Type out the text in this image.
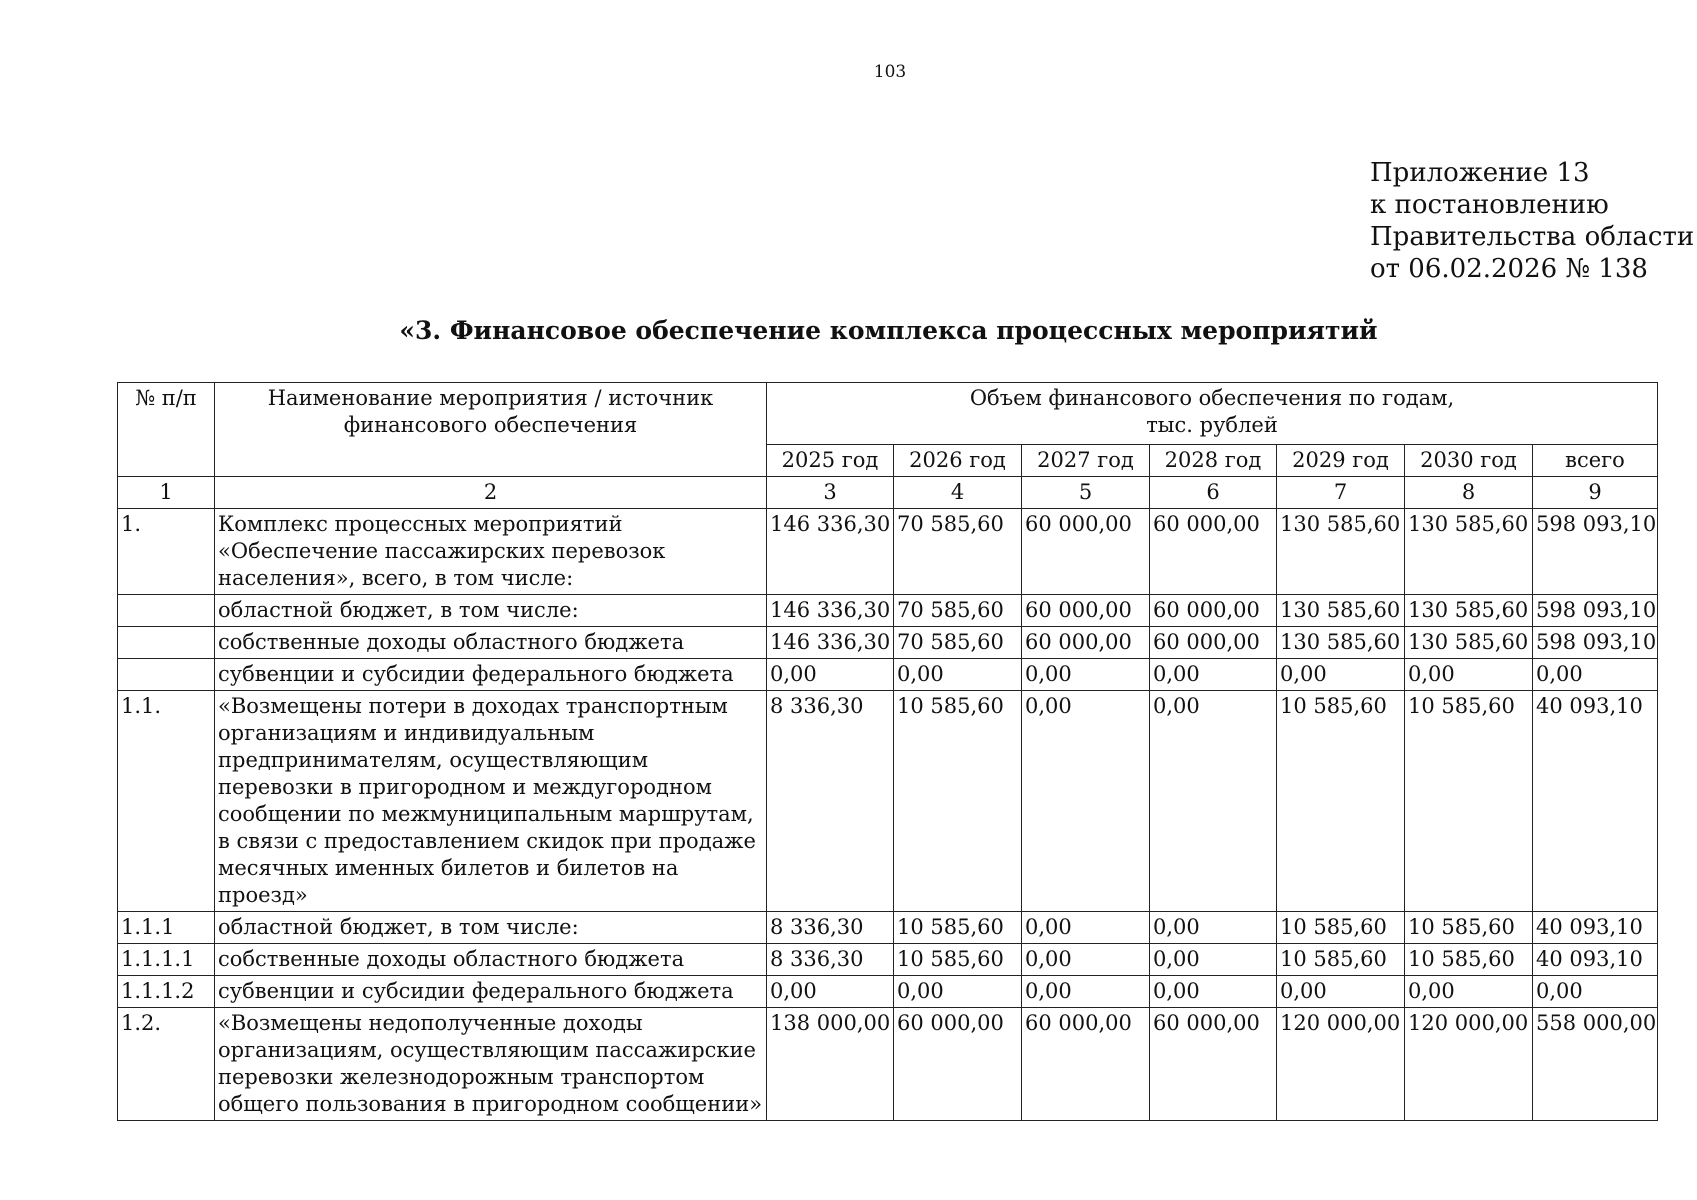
103
Приложение 13
к постановлению
Правительства области
от 06.02.2026 № 138
«3. Финансовое обеспечение комплекса процессных мероприятий
№ п/п	Наименование мероприятия / источник финансового обеспечения	Объем финансового обеспечения по годам,
тыс. рублей						

		2025 год	2026 год	2027 год	2028 год	2029 год	2030 год	всего
1	2	3	4	5	6	7	8	9
1.	Комплекс процессных мероприятий «Обеспечение пассажирских перевозок населения», всего, в том числе:	146 336,30	70 585,60	60 000,00	60 000,00	130 585,60	130 585,60	598 093,10
	областной бюджет, в том числе:	146 336,30	70 585,60	60 000,00	60 000,00	130 585,60	130 585,60	598 093,10
	собственные доходы областного бюджета	146 336,30	70 585,60	60 000,00	60 000,00	130 585,60	130 585,60	598 093,10
	субвенции и субсидии федерального бюджета	0,00	0,00	0,00	0,00	0,00	0,00	0,00
1.1.	«Возмещены потери в доходах транспортным организациям и индивидуальным предпринимателям, осуществляющим перевозки в пригородном и междугородном сообщении по межмуниципальным маршрутам, в связи с предоставлением скидок при продаже месячных именных билетов и билетов на проезд»	8 336,30	10 585,60	0,00	0,00	10 585,60	10 585,60	40 093,10
1.1.1	областной бюджет, в том числе:	8 336,30	10 585,60	0,00	0,00	10 585,60	10 585,60	40 093,10
1.1.1.1	собственные доходы областного бюджета	8 336,30	10 585,60	0,00	0,00	10 585,60	10 585,60	40 093,10
1.1.1.2	субвенции и субсидии федерального бюджета	0,00	0,00	0,00	0,00	0,00	0,00	0,00
1.2.	«Возмещены недополученные доходы организациям, осуществляющим пассажирские перевозки железнодорожным транспортом общего пользования в пригородном сообщении»	138 000,00	60 000,00	60 000,00	60 000,00	120 000,00	120 000,00	558 000,00
